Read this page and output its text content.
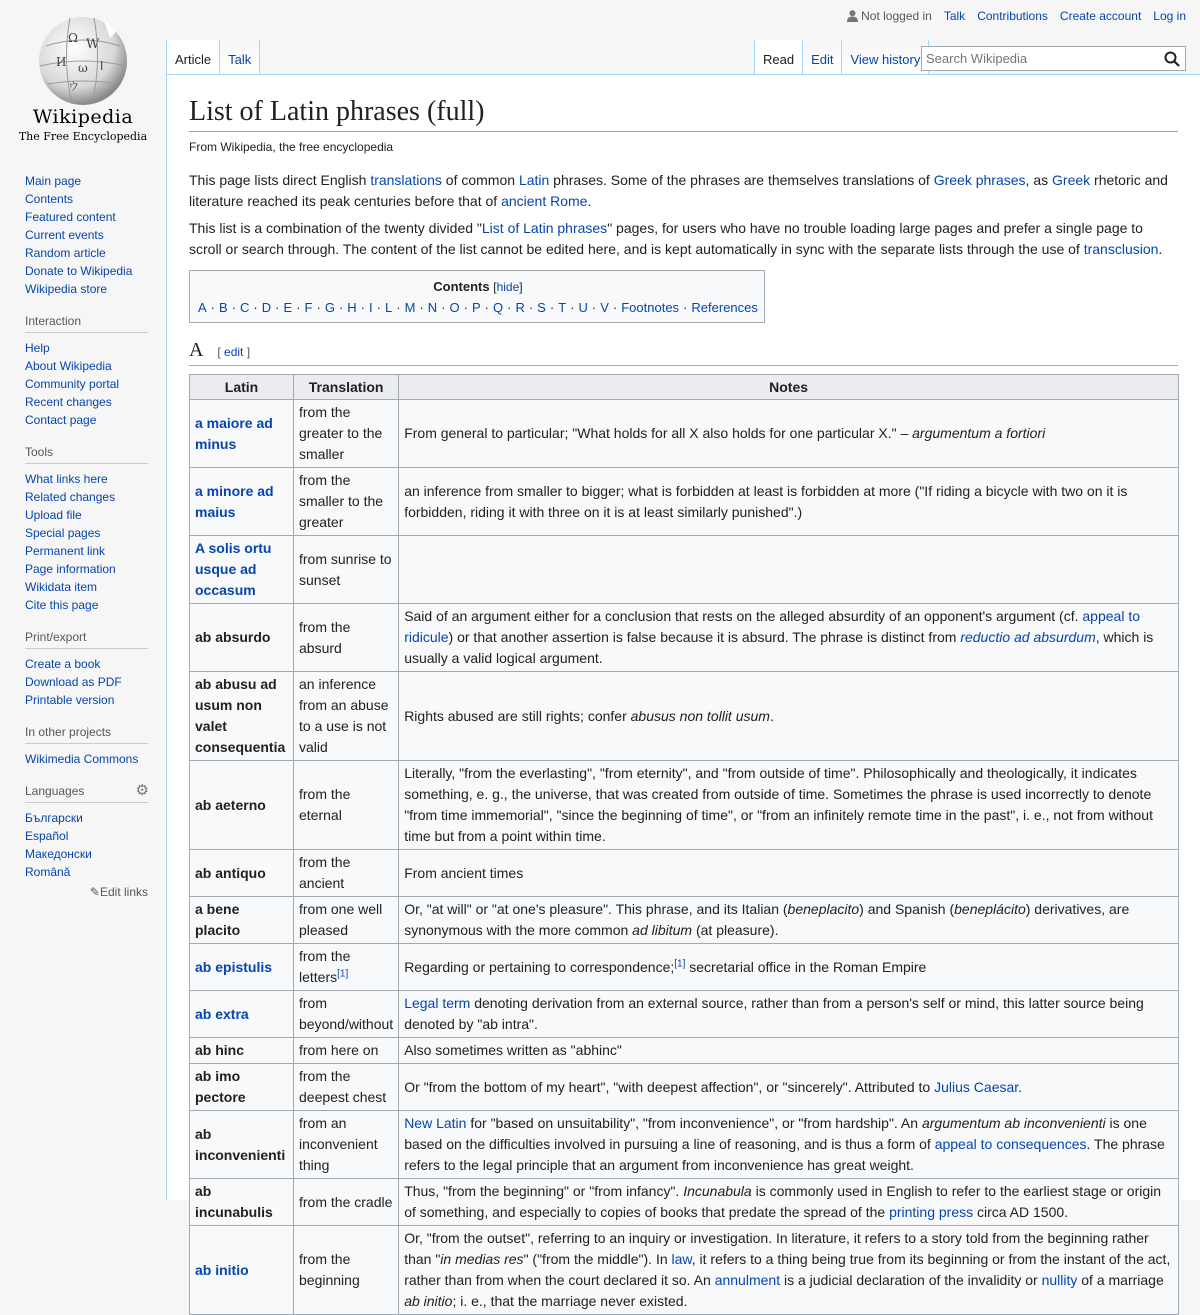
Ω W
И ω ا
ウ
Wikipedia
The Free Encyclopedia
Main page
Contents
Featured content
Current events
Random article
Donate to Wikipedia
Wikipedia store
Interaction
Help
About Wikipedia
Community portal
Recent changes
Contact page
Tools
What links here
Related changes
Upload file
Special pages
Permanent link
Page information
Wikidata item
Cite this page
Print/export
Create a book
Download as PDF
Printable version
In other projects
Wikimedia Commons
Languages	⚙
Български
Español
Македонски
Română
✎Edit links
Not logged in Talk Contributions Create account Log in
Article	Talk	Read	Edit	View history
Search Wikipedia
List of Latin phrases (full)
From Wikipedia, the free encyclopedia

This page lists direct English translations of common Latin phrases. Some of the phrases are themselves translations of Greek phrases, as Greek rhetoric and literature reached its peak centuries before that of ancient Rome.

This list is a combination of the twenty divided "List of Latin phrases" pages, for users who have no trouble loading large pages and prefer a single page to scroll or search through. The content of the list cannot be edited here, and is kept automatically in sync with the separate lists through the use of transclusion.

Contents [hide]
A · B · C · D · E · F · G · H · I · L · M · N · O · P · Q · R · S · T · U · V · Footnotes · References
A [ edit ]
Latin	Translation	Notes
a maiore ad minus	from the greater to the smaller	From general to particular; "What holds for all X also holds for one particular X." – argumentum a fortiori
a minore ad maius	from the smaller to the greater	an inference from smaller to bigger; what is forbidden at least is forbidden at more ("If riding a bicycle with two on it is forbidden, riding it with three on it is at least similarly punished".)
A solis ortu usque ad occasum	from sunrise to sunset	
ab absurdo	from the absurd	Said of an argument either for a conclusion that rests on the alleged absurdity of an opponent's argument (cf. appeal to ridicule) or that another assertion is false because it is absurd. The phrase is distinct from reductio ad absurdum, which is usually a valid logical argument.
ab abusu ad usum non valet consequentia	an inference from an abuse to a use is not valid	Rights abused are still rights; confer abusus non tollit usum.
ab aeterno	from the eternal	Literally, "from the everlasting", "from eternity", and "from outside of time". Philosophically and theologically, it indicates something, e. g., the universe, that was created from outside of time. Sometimes the phrase is used incorrectly to denote "from time immemorial", "since the beginning of time", or "from an infinitely remote time in the past", i. e., not from without time but from a point within time.
ab antiquo	from the ancient	From ancient times
a bene placito	from one well pleased	Or, "at will" or "at one's pleasure". This phrase, and its Italian (beneplacito) and Spanish (beneplácito) derivatives, are synonymous with the more common ad libitum (at pleasure).
ab epistulis	from the letters[1]	Regarding or pertaining to correspondence;[1] secretarial office in the Roman Empire
ab extra	from beyond/without	Legal term denoting derivation from an external source, rather than from a person's self or mind, this latter source being denoted by "ab intra".
ab hinc	from here on	Also sometimes written as "abhinc"
ab imo pectore	from the deepest chest	Or "from the bottom of my heart", "with deepest affection", or "sincerely". Attributed to Julius Caesar.
ab inconvenienti	from an inconvenient thing	New Latin for "based on unsuitability", "from inconvenience", or "from hardship". An argumentum ab inconvenienti is one based on the difficulties involved in pursuing a line of reasoning, and is thus a form of appeal to consequences. The phrase refers to the legal principle that an argument from inconvenience has great weight.
ab incunabulis	from the cradle	Thus, "from the beginning" or "from infancy". Incunabula is commonly used in English to refer to the earliest stage or origin of something, and especially to copies of books that predate the spread of the printing press circa AD 1500.
ab initio	from the beginning	Or, "from the outset", referring to an inquiry or investigation. In literature, it refers to a story told from the beginning rather than "in medias res" ("from the middle"). In law, it refers to a thing being true from its beginning or from the instant of the act, rather than from when the court declared it so. An annulment is a judicial declaration of the invalidity or nullity of a marriage ab initio; i. e., that the marriage never existed.
